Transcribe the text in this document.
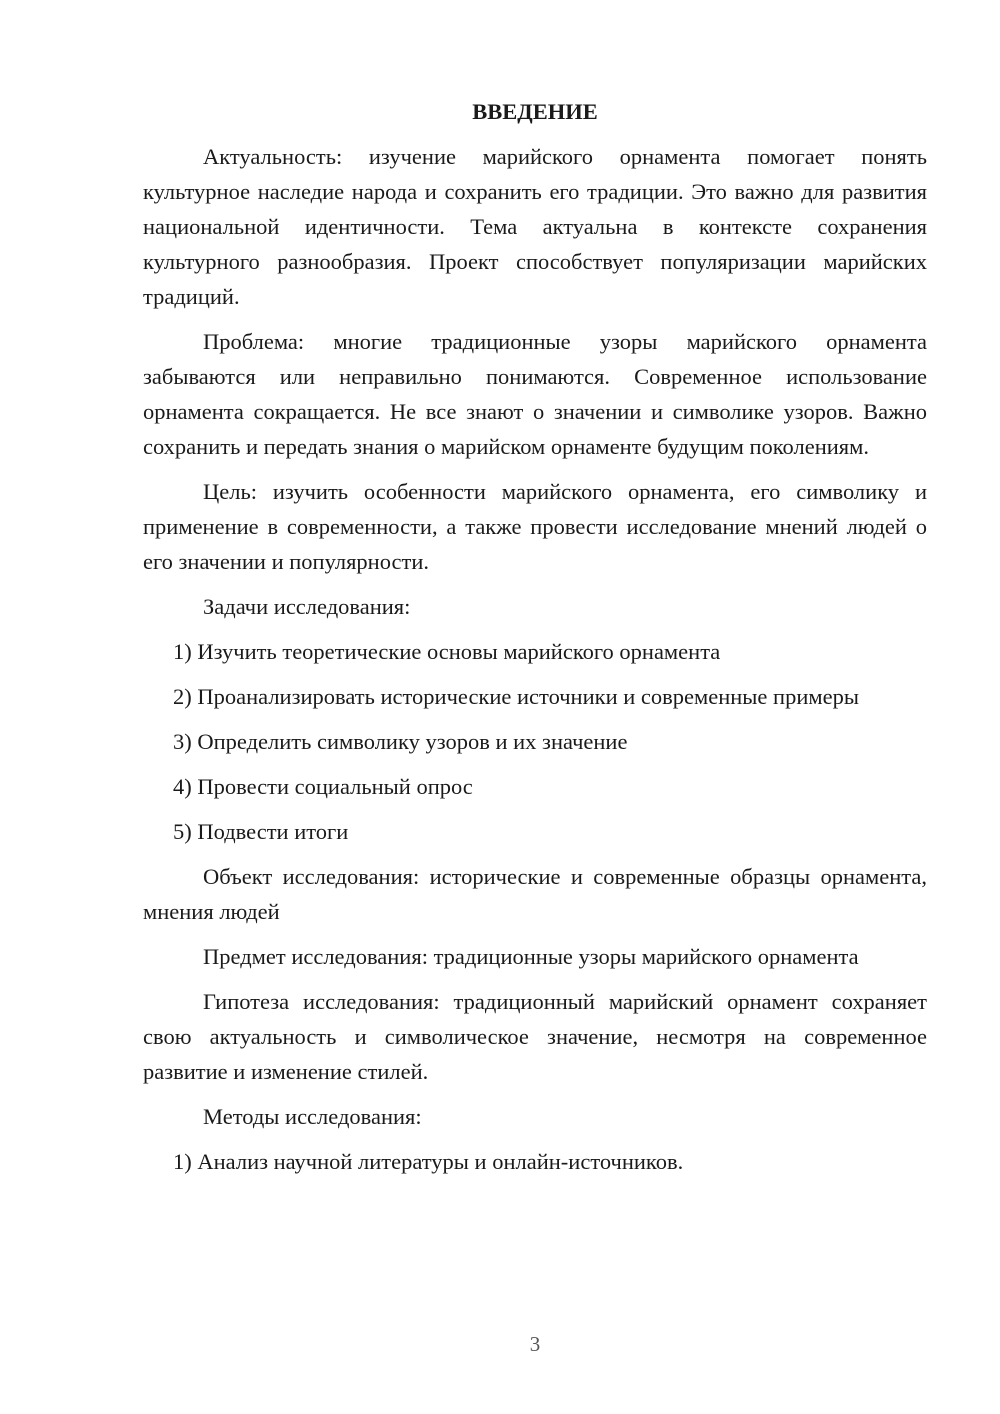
ВВЕДЕНИЕ

Актуальность: изучение марийского орнамента помогает понять культурное наследие народа и сохранить его традиции. Это важно для развития национальной идентичности. Тема актуальна в контексте сохранения культурного разнообразия. Проект способствует популяризации марийских традиций.

Проблема: многие традиционные узоры марийского орнамента забываются или неправильно понимаются. Современное использование орнамента сокращается. Не все знают о значении и символике узоров. Важно сохранить и передать знания о марийском орнаменте будущим поколениям.

Цель: изучить особенности марийского орнамента, его символику и применение в современности, а также провести исследование мнений людей о его значении и популярности.

Задачи исследования:

1) Изучить теоретические основы марийского орнамента

2) Проанализировать исторические источники и современные примеры

3) Определить символику узоров и их значение

4) Провести социальный опрос

5) Подвести итоги

Объект исследования: исторические и современные образцы орнамента, мнения людей

Предмет исследования: традиционные узоры марийского орнамента

Гипотеза исследования: традиционный марийский орнамент сохраняет свою актуальность и символическое значение, несмотря на современное развитие и изменение стилей.

Методы исследования:

1) Анализ научной литературы и онлайн-источников.

3
